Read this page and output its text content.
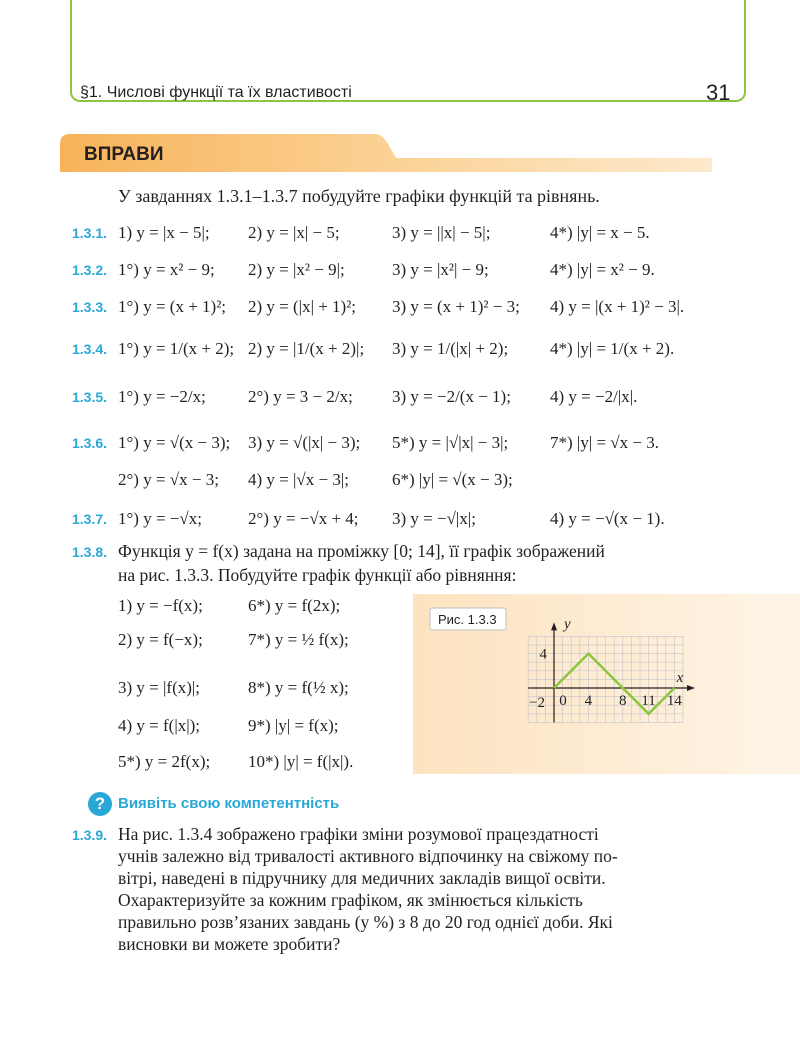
§1. Числові функції та їх властивості	31
ВПРАВИ
У завданнях 1.3.1–1.3.7 побудуйте графіки функцій та рівнянь.
1.3.1. 1) y = |x − 5|; 2) y = |x| − 5;	3) y = ||x| − 5|;	4*) |y| = x − 5.
1.3.2. 1°) y = x² − 9; 2) y = |x² − 9|;	3) y = |x²| − 9;	4*) |y| = x² − 9.
1.3.3. 1°) y = (x + 1)²; 2) y = (|x| + 1)²; 3) y = (x + 1)² − 3; 4) y = |(x + 1)² − 3|.
1.3.4. 1°) y = 1/(x + 2); 2) y = |1/(x + 2)|; 3) y = 1/(|x| + 2); 4*) |y| = 1/(x + 2).
1.3.5. 1°) y = −2/x; 2°) y = 3 − 2/x; 3) y = −2/(x − 1); 4) y = −2/|x|.
1.3.6. 1°) y = √(x − 3); 3) y = √(|x| − 3); 5*) y = |√|x| − 3|; 7*) |y| = √x − 3.
2°) y = √x − 3; 4) y = |√x − 3|;	6*) |y| = √(x − 3);
1.3.7. 1°) y = −√x;	2°) y = −√x + 4; 3) y = −√|x|;	4) y = −√(x − 1).
1.3.8. Функція y = f(x) задана на проміжку [0; 14], її графік зображений
на рис. 1.3.3. Побудуйте графік функції або рівняння:
1) y = −f(x);	6*) y = f(2x);
2) y = f(−x);	7*) y = ½ f(x);
3) y = |f(x)|;	8*) y = f(½ x);
4) y = f(|x|);	9*) |y| = f(x);
5*) y = 2f(x); 10*) |y| = f(|x|).
Рис. 1.3.3
0 4 8 11 14
4
−2
x
y
? Виявіть свою компетентність
1.3.9. На рис. 1.3.4 зображено графіки зміни розумової працездатності
учнів залежно від тривалості активного відпочинку на свіжому по-
вітрі, наведені в підручнику для медичних закладів вищої освіти.
Охарактеризуйте за кожним графіком, як змінюється кількість
правильно розв’язаних завдань (у %) з 8 до 20 год однієї доби. Які
висновки ви можете зробити?
